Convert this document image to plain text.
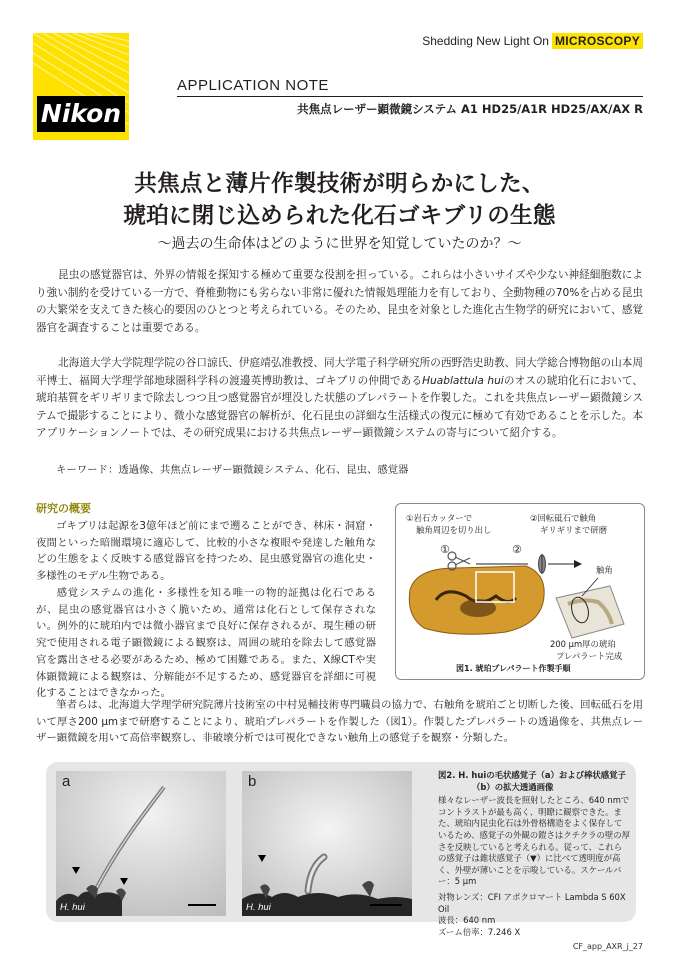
Nikon
Shedding New Light On MICROSCOPY
APPLICATION NOTE
共焦点レーザー顕微鏡システム A1 HD25/A1R HD25/AX/AX R
共焦点と薄片作製技術が明らかにした、
琥珀に閉じ込められた化石ゴキブリの生態
～過去の生命体はどのように世界を知覚していたのか？～
昆虫の感覚器官は、外界の情報を探知する極めて重要な役割を担っている。これらは小さいサイズや少ない神経細胞数により強い制約を受けている一方で、脊椎動物にも劣らない非常に優れた情報処理能力を有しており、全動物種の70%を占める昆虫の大繁栄を支えてきた核心的要因のひとつと考えられている。そのため、昆虫を対象とした進化古生物学的研究において、感覚器官を調査することは重要である。
北海道大学大学院理学院の谷口諒氏、伊庭靖弘准教授、同大学電子科学研究所の西野浩史助教、同大学総合博物館の山本周平博士、福岡大学理学部地球圏科学科の渡邊英博助教は、ゴキブリの仲間であるHuablattula huiのオスの琥珀化石において、琥珀基質をギリギリまで除去しつつ且つ感覚器官が埋没した状態のプレパラートを作製した。これを共焦点レーザー顕微鏡システムで撮影することにより、微小な感覚器官の解析が、化石昆虫の詳細な生活様式の復元に極めて有効であることを示した。本アプリケーションノートでは、その研究成果における共焦点レーザー顕微鏡システムの寄与について紹介する。
キーワード：透過像、共焦点レーザー顕微鏡システム、化石、昆虫、感覚器
研究の概要
ゴキブリは起源を3億年ほど前にまで遡ることができ、林床・洞窟・夜間といった暗闇環境に適応して、比較的小さな複眼や発達した触角などの生態をよく反映する感覚器官を持つため、昆虫感覚器官の進化史・多様性のモデル生物である。
感覚システムの進化・多様性を知る唯一の物的証拠は化石であるが、昆虫の感覚器官は小さく脆いため、通常は化石として保存されない。例外的に琥珀内では微小器官まで良好に保存されるが、現生種の研究で使用される電子顕微鏡による観察は、周囲の琥珀を除去して感覚器官を露出させる必要があるため、極めて困難である。また、X線CTや実体顕微鏡による観察は、分解能が不足するため、感覚器官を詳細に可視化することはできなかった。
筆者らは、北海道大学理学研究院薄片技術室の中村晃輔技術専門職員の協力で、右触角を琥珀ごと切断した後、回転砥石を用いて厚さ200 µmまで研磨することにより、琥珀プレパラートを作製した（図1）。作製したプレパラートの透過像を、共焦点レーザー顕微鏡を用いて高倍率観察し、非破壊分析では可視化できない触角上の感覚子を観察・分類した。
①岩石カッターで
触角周辺を切り出し
②回転砥石で触角
ギリギリまで研磨
①	②
触角
200 µm厚の琥珀
プレパラート完成
図1. 琥珀プレパラート作製手順
a
H. hui
b
H. hui
図2. H. huiの毛状感覚子（a）および棒状感覚子
（b）の拡大透過画像
様々なレーザー波長を照射したところ、640 nmでコントラストが最も高く、明瞭に観察できた。また、琥珀内昆虫化石は外骨格構造をよく保存しているため、感覚子の外観の鎧さはクチクラの壁の厚さを反映していると考えられる。従って、これらの感覚子は錐状感覚子（▼）に比べて透明度が高く、外壁が薄いことを示唆している。スケールバー：5 µm
対物レンズ：CFI アポクロマート Lambda S 60X Oil
波長：640 nm
ズーム倍率：7.246 X
CF_app_AXR_j_27
